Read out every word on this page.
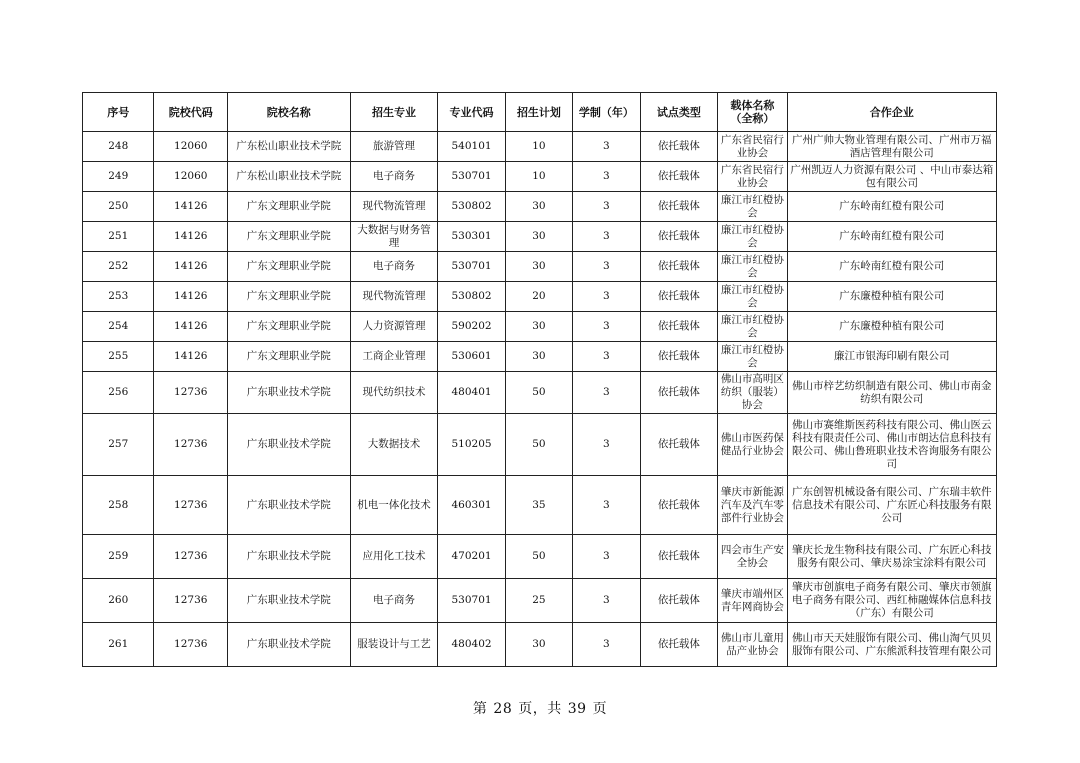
序号	院校代码	院校名称	招生专业	专业代码	招生计划	学制（年）	试点类型	载体名称（全称）	合作企业
248	12060	广东松山职业技术学院	旅游管理	540101	10	3	依托载体	广东省民宿行业协会	广州广帅大物业管理有限公司、广州市万福酒店管理有限公司
249	12060	广东松山职业技术学院	电子商务	530701	10	3	依托载体	广东省民宿行业协会	广州凯迈人力资源有限公司 、中山市泰达箱包有限公司
250	14126	广东文理职业学院	现代物流管理	530802	30	3	依托载体	廉江市红橙协会	广东岭南红橙有限公司
251	14126	广东文理职业学院	大数据与财务管理	530301	30	3	依托载体	廉江市红橙协会	广东岭南红橙有限公司
252	14126	广东文理职业学院	电子商务	530701	30	3	依托载体	廉江市红橙协会	广东岭南红橙有限公司
253	14126	广东文理职业学院	现代物流管理	530802	20	3	依托载体	廉江市红橙协会	广东廉橙种植有限公司
254	14126	广东文理职业学院	人力资源管理	590202	30	3	依托载体	廉江市红橙协会	广东廉橙种植有限公司
255	14126	广东文理职业学院	工商企业管理	530601	30	3	依托载体	廉江市红橙协会	廉江市银海印刷有限公司
256	12736	广东职业技术学院	现代纺织技术	480401	50	3	依托载体	佛山市高明区纺织（服装）协会	佛山市梓艺纺织制造有限公司、佛山市南金纺织有限公司
257	12736	广东职业技术学院	大数据技术	510205	50	3	依托载体	佛山市医药保健品行业协会	佛山市赛维斯医药科技有限公司、佛山医云科技有限责任公司、佛山市朗达信息科技有限公司、佛山鲁班职业技术咨询服务有限公司
258	12736	广东职业技术学院	机电一体化技术	460301	35	3	依托载体	肇庆市新能源汽车及汽车零部件行业协会	广东创智机械设备有限公司、广东瑞丰软件信息技术有限公司、广东匠心科技服务有限公司
259	12736	广东职业技术学院	应用化工技术	470201	50	3	依托载体	四会市生产安全协会	肇庆长龙生物科技有限公司、广东匠心科技服务有限公司、肇庆易涂宝涂料有限公司
260	12736	广东职业技术学院	电子商务	530701	25	3	依托载体	肇庆市端州区青年网商协会	肇庆市创旗电子商务有限公司、肇庆市领旗电子商务有限公司、西红柿融媒体信息科技（广东）有限公司
261	12736	广东职业技术学院	服装设计与工艺	480402	30	3	依托载体	佛山市儿童用品产业协会	佛山市天天娃服饰有限公司、佛山淘气贝贝服饰有限公司、广东熊派科技管理有限公司
第 28 页，共 39 页
